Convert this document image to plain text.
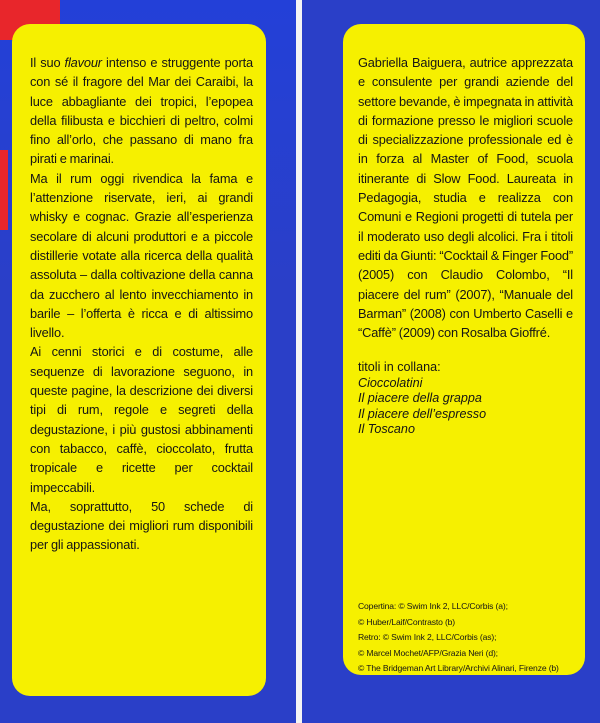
Il suo flavour intenso e struggente porta con sé il fragore del Mar dei Caraibi, la luce abbagliante dei tropici, l’epopea della filibusta e bicchieri di peltro, colmi fino all’orlo, che passano di mano fra pirati e marinai.

Ma il rum oggi rivendica la fama e l’attenzione riservate, ieri, ai grandi whisky e cognac. Grazie all’esperienza secolare di alcuni produttori e a piccole distillerie votate alla ricerca della qualità assoluta – dalla coltivazione della canna da zucchero al lento invecchiamento in barile – l’offerta è ricca e di altissimo livello.

Ai cenni storici e di costume, alle sequenze di lavorazione seguono, in queste pagine, la descrizione dei diversi tipi di rum, regole e segreti della degustazione, i più gustosi abbinamenti con tabacco, caffè, cioccolato, frutta tropicale e ricette per cocktail impeccabili.

Ma, soprattutto, 50 schede di degustazione dei migliori rum disponibili per gli appassionati.

Gabriella Baiguera, autrice apprezzata e consulente per grandi aziende del settore bevande, è impegnata in attività di formazione presso le migliori scuole di specializzazione professionale ed è in forza al Master of Food, scuola itinerante di Slow Food. Laureata in Pedagogia, studia e realizza con Comuni e Regioni progetti di tutela per il moderato uso degli alcolici. Fra i titoli editi da Giunti: “Cocktail & Finger Food” (2005) con Claudio Colombo, “Il piacere del rum” (2007), “Manuale del Barman” (2008) con Umberto Caselli e “Caffè” (2009) con Rosalba Gioffré.

titoli in collana:

Cioccolatini

Il piacere della grappa

Il piacere dell’espresso

Il Toscano

Copertina: © Swim Ink 2, LLC/Corbis (a);
© Huber/Laif/Contrasto (b)
Retro: © Swim Ink 2, LLC/Corbis (as);
© Marcel Mochet/AFP/Grazia Neri (d);
© The Bridgeman Art Library/Archivi Alinari, Firenze (b)
